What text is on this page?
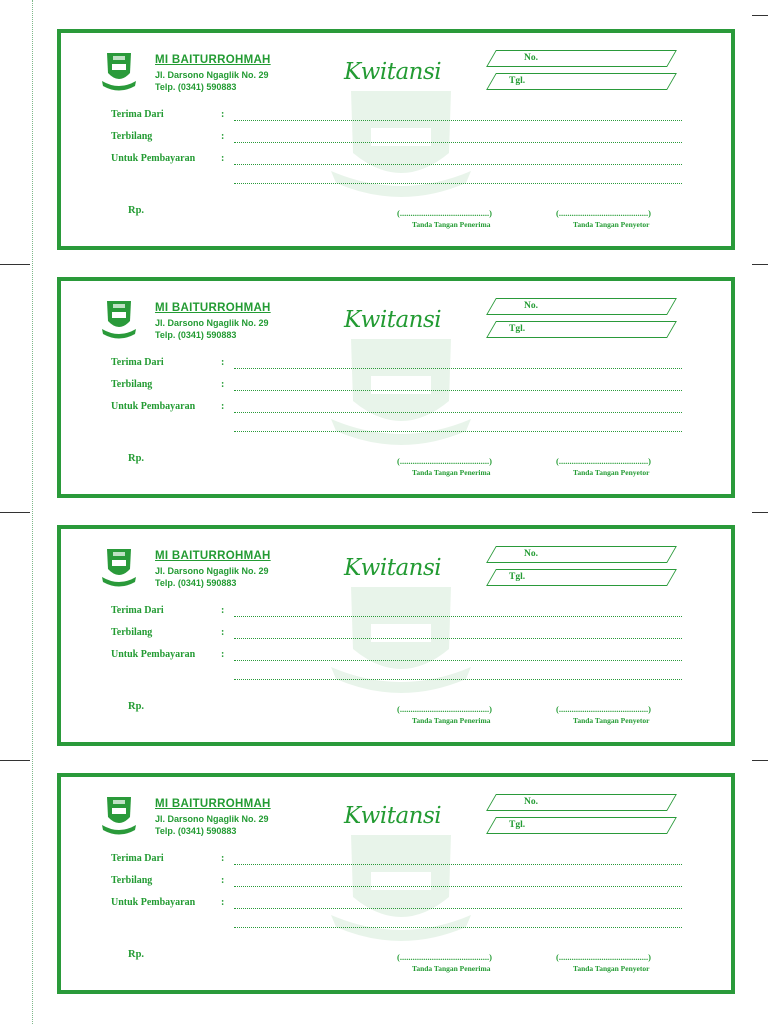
MI BAITURROHMAH
Jl. Darsono Ngaglik No. 29
Telp. (0341) 590883
Kwitansi
No.
Tgl.
Terima Dari	:
Terbilang	:
Untuk Pembayaran	:
Rp.	(..........................................)
Tanda Tangan Penerima
(..........................................)
Tanda Tangan Penyetor
MI BAITURROHMAH
Jl. Darsono Ngaglik No. 29
Telp. (0341) 590883
Kwitansi
No.
Tgl.
Terima Dari	:
Terbilang	:
Untuk Pembayaran	:
Rp.	(..........................................)
Tanda Tangan Penerima
(..........................................)
Tanda Tangan Penyetor
MI BAITURROHMAH
Jl. Darsono Ngaglik No. 29
Telp. (0341) 590883
Kwitansi
No.
Tgl.
Terima Dari	:
Terbilang	:
Untuk Pembayaran	:
Rp.	(..........................................)
Tanda Tangan Penerima
(..........................................)
Tanda Tangan Penyetor
MI BAITURROHMAH
Jl. Darsono Ngaglik No. 29
Telp. (0341) 590883
Kwitansi
No.
Tgl.
Terima Dari	:
Terbilang	:
Untuk Pembayaran	:
Rp.	(..........................................)
Tanda Tangan Penerima
(..........................................)
Tanda Tangan Penyetor
